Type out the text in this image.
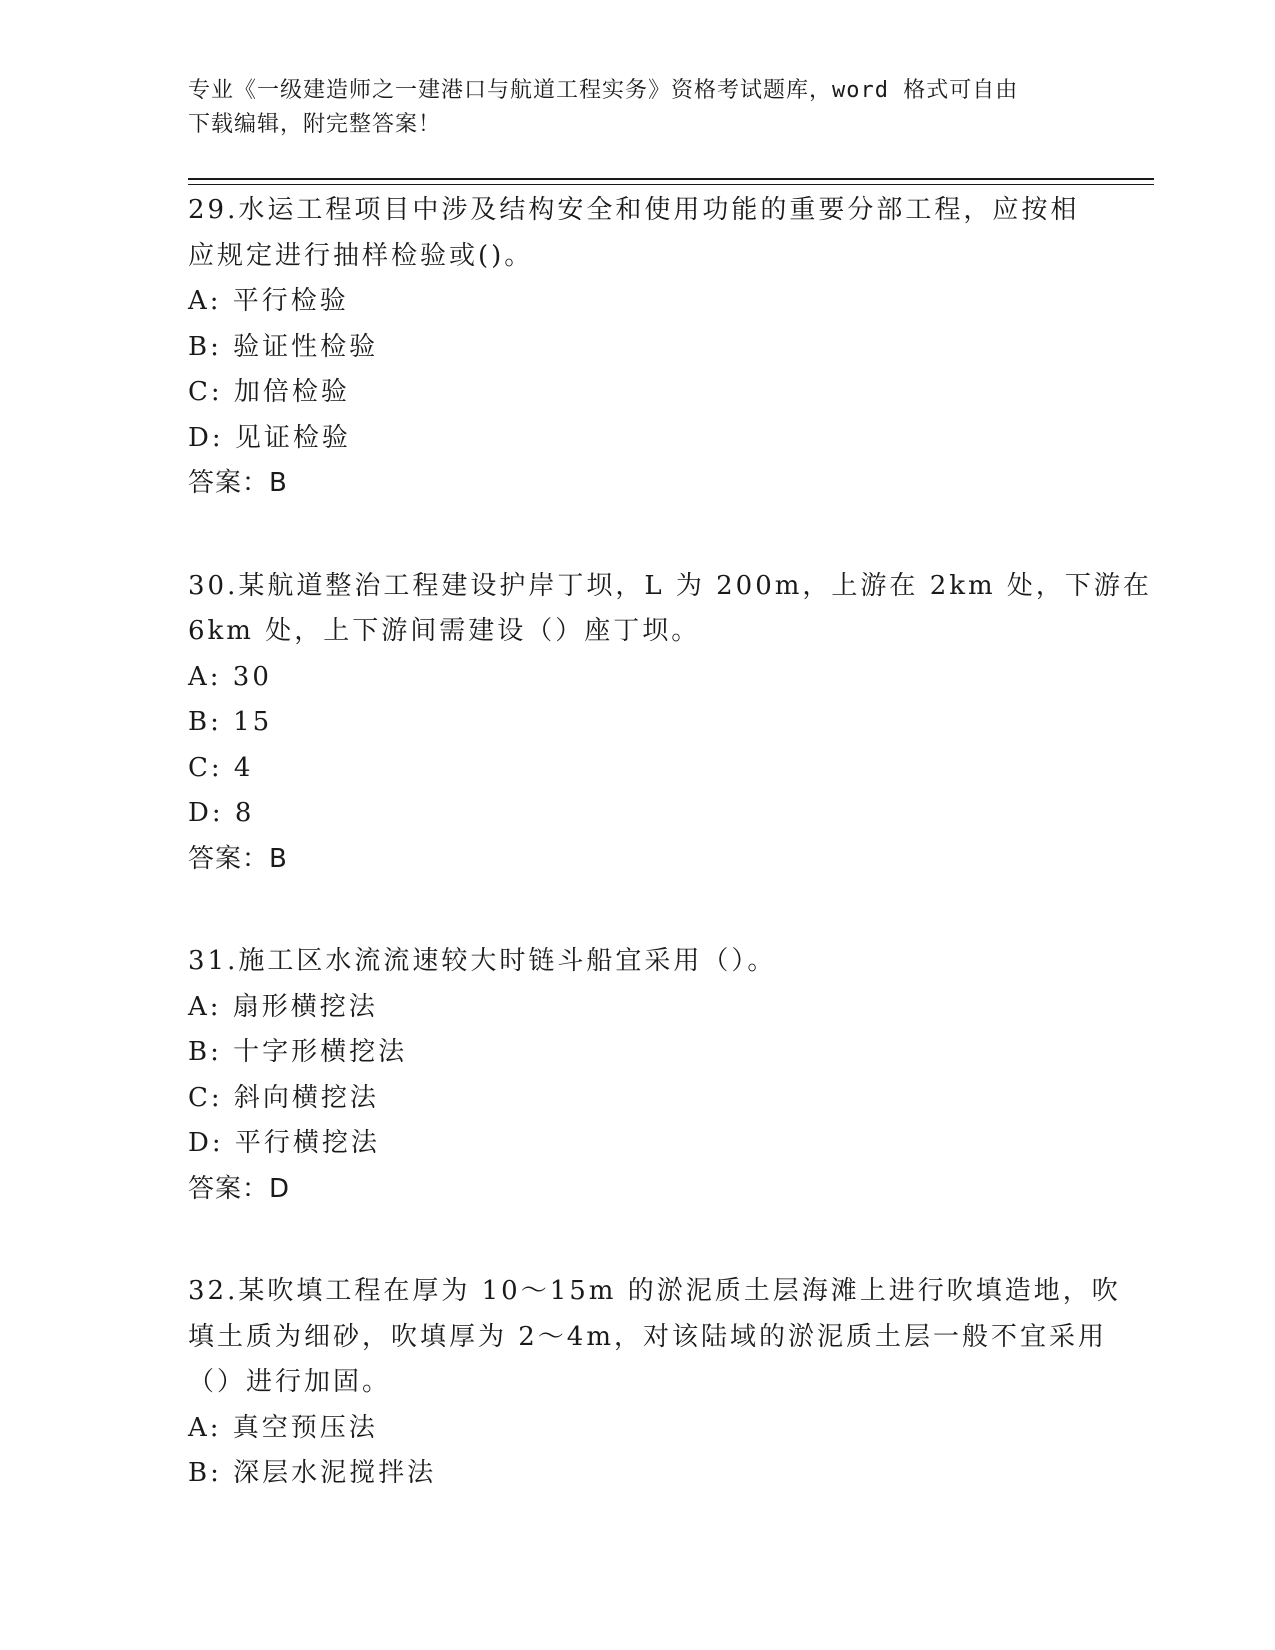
专业《一级建造师之一建港口与航道工程实务》资格考试题库，word 格式可自由
下载编辑，附完整答案！
29.水运工程项目中涉及结构安全和使用功能的重要分部工程，应按相
应规定进行抽样检验或()。
A: 平行检验
B: 验证性检验
C: 加倍检验
D: 见证检验
答案：B
30.某航道整治工程建设护岸丁坝，L 为 200m，上游在 2km 处，下游在
6km 处，上下游间需建设（）座丁坝。
A: 30
B: 15
C: 4
D: 8
答案：B
31.施工区水流流速较大时链斗船宜采用（）。
A: 扇形横挖法
B: 十字形横挖法
C: 斜向横挖法
D: 平行横挖法
答案：D
32.某吹填工程在厚为 10～15m 的淤泥质土层海滩上进行吹填造地，吹
填土质为细砂，吹填厚为 2～4m，对该陆域的淤泥质土层一般不宜采用
（）进行加固。
A: 真空预压法
B: 深层水泥搅拌法
